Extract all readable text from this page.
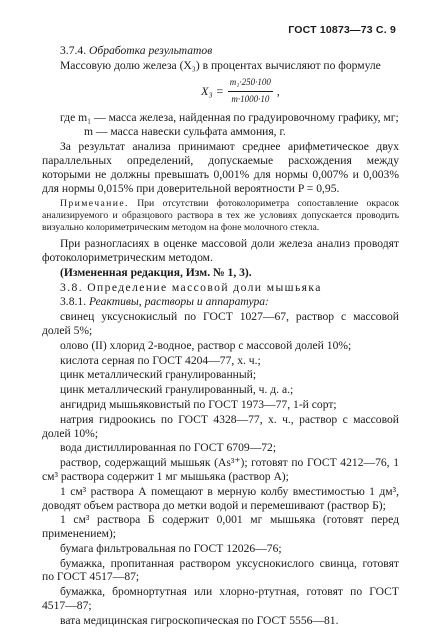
ГОСТ 10873—73 С. 9

3.7.4. Обработка результатов

Массовую долю железа (X₃) в процентах вычисляют по формуле

$X_3 = \frac{\text{m₁·250·100}}{m\cdot 1000\cdot 10}$ ,

где m₁ — масса железа, найденная по градуировочному графику, мг;

m — масса навески сульфата аммония, г.

За результат анализа принимают среднее арифметическое двух параллельных определений, допускаемые расхождения между которыми не должны превышать 0,001% для нормы 0,007% и 0,003% для нормы 0,015% при доверительной вероятности P = 0,95.

Примечание. При отсутствии фотоколориметра сопоставление окрасок анализируемого и образцового раствора в тех же условиях допускается проводить визуально колориметрическим методом на фоне молочного стекла.

При разногласиях в оценке массовой доли железа анализ проводят фотоколориметрическим методом.

(Измененная редакция, Изм. № 1, 3).

3.8. Определение массовой доли мышьяка

3.8.1. Реактивы, растворы и аппаратура:

свинец уксуснокислый по ГОСТ 1027—67, раствор с массовой долей 5%;

олово (II) хлорид 2-водное, раствор с массовой долей 10%;

кислота серная по ГОСТ 4204—77, х. ч.;

цинк металлический гранулированный;

цинк металлический гранулированный, ч. д. а.;

ангидрид мышьяковистый по ГОСТ 1973—77, 1-й сорт;

натрия гидроокись по ГОСТ 4328—77, х. ч., раствор с массовой долей 10%;

вода дистиллированная по ГОСТ 6709—72;

раствор, содержащий мышьяк (As³⁺); готовят по ГОСТ 4212—76, 1 см³ раствора содержит 1 мг мышьяка (раствор А);

1 см³ раствора А помещают в мерную колбу вместимостью 1 дм³, доводят объем раствора до метки водой и перемешивают (раствор Б);

1 см³ раствора Б содержит 0,001 мг мышьяка (готовят перед применением);

бумага фильтровальная по ГОСТ 12026—76;

бумажка, пропитанная раствором уксуснокислого свинца, готовят по ГОСТ 4517—87;

бумажка, бромнортутная или хлорно-ртутная, готовят по ГОСТ 4517—87;

вата медицинская гигроскопическая по ГОСТ 5556—81.
